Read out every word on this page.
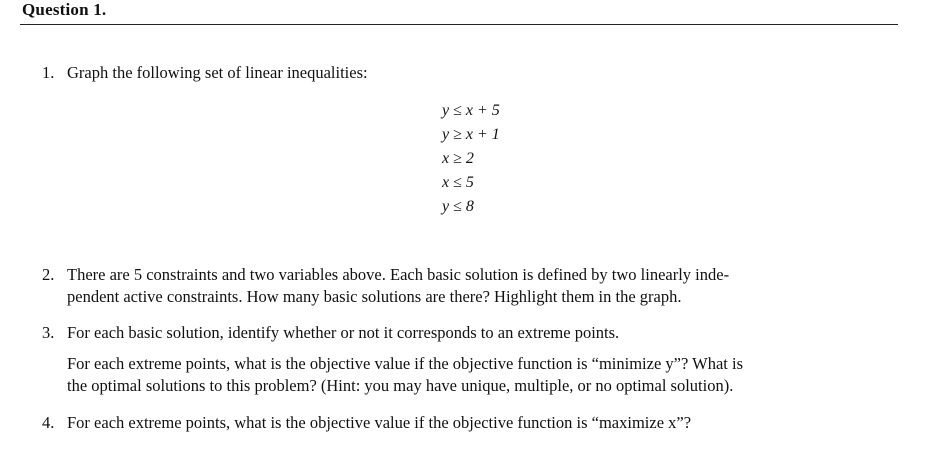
Question 1.
1. Graph the following set of linear inequalities:
y ≤ x + 5
y ≥ x + 1
x ≥ 2
x ≤ 5
y ≤ 8
2. There are 5 constraints and two variables above. Each basic solution is defined by two linearly inde-
pendent active constraints. How many basic solutions are there? Highlight them in the graph.
3. For each basic solution, identify whether or not it corresponds to an extreme points.
For each extreme points, what is the objective value if the objective function is “minimize y”? What is
the optimal solutions to this problem? (Hint: you may have unique, multiple, or no optimal solution).
4. For each extreme points, what is the objective value if the objective function is “maximize x”?
